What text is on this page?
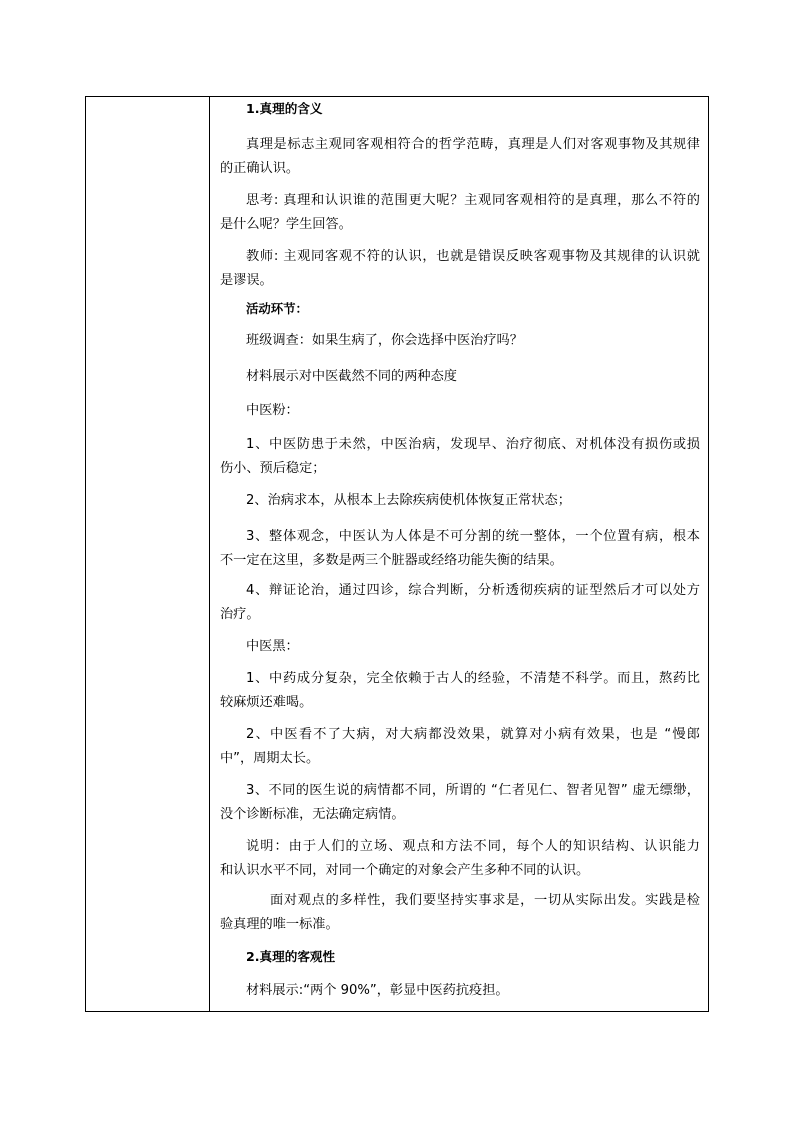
1.真理的含义
真理是标志主观同客观相符合的哲学范畴，真理是人们对客观事物及其规律
的正确认识。
思考: 真理和认识谁的范围更大呢？主观同客观相符的是真理，那么不符的
是什么呢？学生回答。
教师: 主观同客观不符的认识，也就是错误反映客观事物及其规律的认识就
是谬误。
活动环节：
班级调查：如果生病了，你会选择中医治疗吗？
材料展示对中医截然不同的两种态度
中医粉：
1、中医防患于未然，中医治病，发现早、治疗彻底、对机体没有损伤或损
伤小、预后稳定；
2、治病求本，从根本上去除疾病使机体恢复正常状态；
3、整体观念，中医认为人体是不可分割的统一整体，一个位置有病，根本
不一定在这里，多数是两三个脏器或经络功能失衡的结果。
4、辩证论治，通过四诊，综合判断，分析透彻疾病的证型然后才可以处方
治疗。
中医黑：
1、中药成分复杂，完全依赖于古人的经验，不清楚不科学。而且，熬药比
较麻烦还难喝。
2、中医看不了大病，对大病都没效果，就算对小病有效果，也是 “慢郎
中”，周期太长。
3、不同的医生说的病情都不同，所谓的 “仁者见仁、智者见智” 虚无缥缈，
没个诊断标准，无法确定病情。
说明：由于人们的立场、观点和方法不同，每个人的知识结构、认识能力
和认识水平不同，对同一个确定的对象会产生多种不同的认识。
面对观点的多样性，我们要坚持实事求是，一切从实际出发。实践是检
验真理的唯一标准。
2.真理的客观性
材料展示:“两个 90%”，彰显中医药抗疫担。
